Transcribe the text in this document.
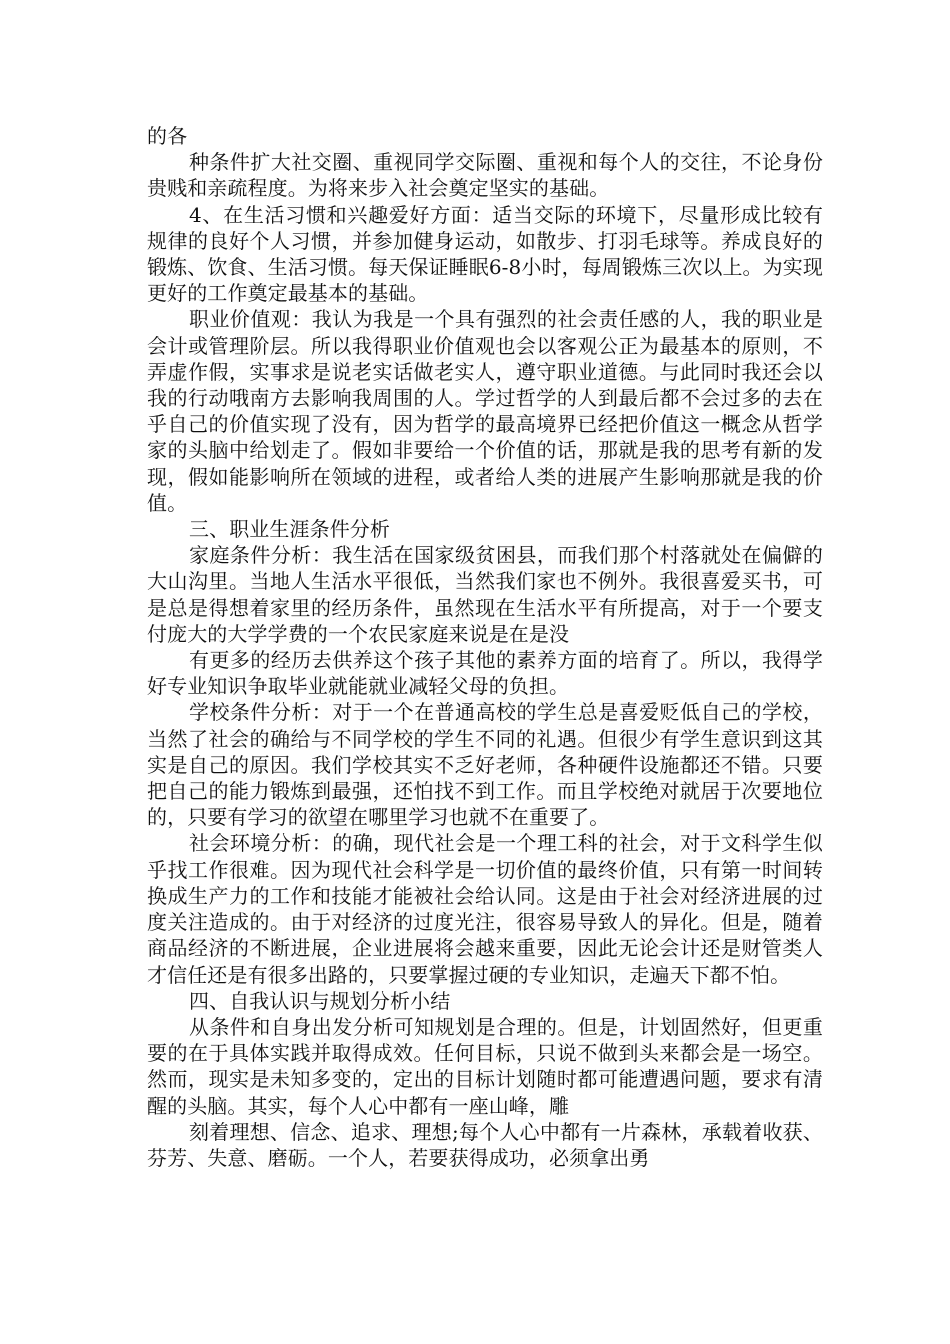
的各

种条件扩大社交圈、重视同学交际圈、重视和每个人的交往，不论身份贵贱和亲疏程度。为将来步入社会奠定坚实的基础。

4、在生活习惯和兴趣爱好方面：适当交际的环境下，尽量形成比较有规律的良好个人习惯，并参加健身运动，如散步、打羽毛球等。养成良好的锻炼、饮食、生活习惯。每天保证睡眠6-8小时，每周锻炼三次以上。为实现更好的工作奠定最基本的基础。

职业价值观：我认为我是一个具有强烈的社会责任感的人，我的职业是会计或管理阶层。所以我得职业价值观也会以客观公正为最基本的原则，不弄虚作假，实事求是说老实话做老实人，遵守职业道德。与此同时我还会以我的行动哦南方去影响我周围的人。学过哲学的人到最后都不会过多的去在乎自己的价值实现了没有，因为哲学的最高境界已经把价值这一概念从哲学家的头脑中给划走了。假如非要给一个价值的话，那就是我的思考有新的发现，假如能影响所在领域的进程，或者给人类的进展产生影响那就是我的价值。

三、职业生涯条件分析

家庭条件分析：我生活在国家级贫困县，而我们那个村落就处在偏僻的大山沟里。当地人生活水平很低，当然我们家也不例外。我很喜爱买书，可是总是得想着家里的经历条件，虽然现在生活水平有所提高，对于一个要支付庞大的大学学费的一个农民家庭来说是在是没

有更多的经历去供养这个孩子其他的素养方面的培育了。所以，我得学好专业知识争取毕业就能就业减轻父母的负担。

学校条件分析：对于一个在普通高校的学生总是喜爱贬低自己的学校，当然了社会的确给与不同学校的学生不同的礼遇。但很少有学生意识到这其实是自己的原因。我们学校其实不乏好老师，各种硬件设施都还不错。只要把自己的能力锻炼到最强，还怕找不到工作。而且学校绝对就居于次要地位的，只要有学习的欲望在哪里学习也就不在重要了。

社会环境分析：的确，现代社会是一个理工科的社会，对于文科学生似乎找工作很难。因为现代社会科学是一切价值的最终价值，只有第一时间转换成生产力的工作和技能才能被社会给认同。这是由于社会对经济进展的过度关注造成的。由于对经济的过度光注，很容易导致人的异化。但是，随着商品经济的不断进展，企业进展将会越来重要，因此无论会计还是财管类人才信任还是有很多出路的，只要掌握过硬的专业知识，走遍天下都不怕。

四、自我认识与规划分析小结

从条件和自身出发分析可知规划是合理的。但是，计划固然好，但更重要的在于具体实践并取得成效。任何目标，只说不做到头来都会是一场空。然而，现实是未知多变的，定出的目标计划随时都可能遭遇问题，要求有清醒的头脑。其实，每个人心中都有一座山峰，雕

刻着理想、信念、追求、理想;每个人心中都有一片森林，承载着收获、芬芳、失意、磨砺。一个人，若要获得成功，必须拿出勇
